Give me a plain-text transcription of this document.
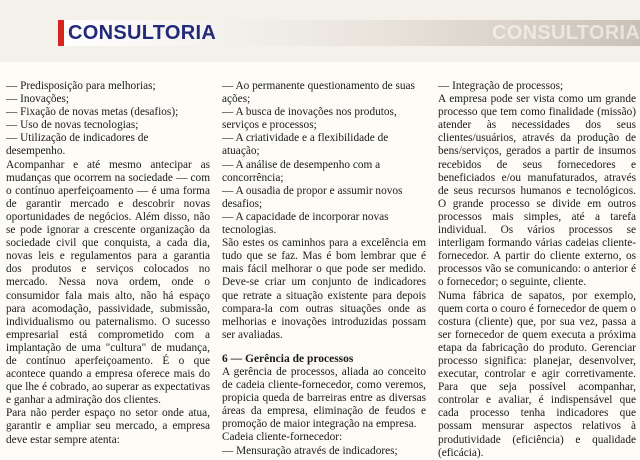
CONSULTORIA	CONSULTORIA

— Predisposição para melhorias;

— Inovações;

— Fixação de novas metas (desafios);

— Uso de novas tecnologias;

— Utilização de indicadores de desempenho.

Acompanhar e até mesmo antecipar as mudanças que ocorrem na sociedade — com o contínuo aperfeiçoamento — é uma forma de garantir mercado e descobrir novas oportunidades de negócios. Além disso, não se pode ignorar a crescente organização da sociedade civil que conquista, a cada dia, novas leis e regulamentos para a garantia dos produtos e serviços colocados no mercado. Nessa nova ordem, onde o consumidor fala mais alto, não há espaço para acomodação, passividade, submissão, individualismo ou paternalismo. O sucesso empresarial está comprometido com a implantação de uma "cultura" de mudança, de contínuo aperfeiçoamento. É o que acontece quando a empresa oferece mais do que lhe é cobrado, ao superar as expectativas e ganhar a admiração dos clientes.

Para não perder espaço no setor onde atua, garantir e ampliar seu mercado, a empresa deve estar sempre atenta:

— Ao permanente questionamento de suas ações;

— A busca de inovações nos produtos, serviços e processos;

— A criatividade e a flexibilidade de atuação;

— A análise de desempenho com a concorrência;

— A ousadia de propor e assumir novos desafios;

— A capacidade de incorporar novas tecnologias.

São estes os caminhos para a excelência em tudo que se faz. Mas é bom lembrar que é mais fácil melhorar o que pode ser medido. Deve-se criar um conjunto de indicadores que retrate a situação existente para depois compara-la com outras situações onde as melhorias e inovações introduzidas possam ser avaliadas.

6 — Gerência de processos

A gerência de processos, aliada ao conceito de cadeia cliente-fornecedor, como veremos, propicia queda de barreiras entre as diversas áreas da empresa, eliminação de feudos e promoção de maior integração na empresa.

Cadeia cliente-fornecedor:

— Mensuração através de indicadores;

— Integração de processos;

A empresa pode ser vista como um grande processo que tem como finalidade (missão) atender às necessidades dos seus clientes/usuários, através da produção de bens/serviços, gerados a partir de insumos recebidos de seus fornecedores e beneficiados e/ou manufaturados, através de seus recursos humanos e tecnológicos. O grande processo se divide em outros processos mais simples, até a tarefa individual. Os vários processos se interligam formando várias cadeias cliente-fornecedor. A partir do cliente externo, os processos vão se comunicando: o anterior é o fornecedor; o seguinte, cliente.

Numa fábrica de sapatos, por exemplo, quem corta o couro é fornecedor de quem o costura (cliente) que, por sua vez, passa a ser fornecedor de quem executa a próxima etapa da fabricação do produto. Gerenciar processo significa: planejar, desenvolver, executar, controlar e agir corretivamente. Para que seja possível acompanhar, controlar e avaliar, é indispensável que cada processo tenha indicadores que possam mensurar aspectos relativos à produtividade (eficiência) e qualidade (eficácia).
